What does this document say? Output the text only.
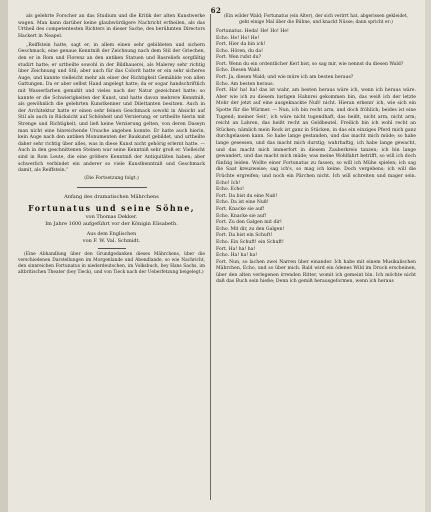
62

als gelehrte Forscher an das Studium und die Kritik der alten Kunstwerke wagen. Man kann darüber keine glaubwürdigere Nachricht ertheilen, als das Urtheil des competentesten Richters in dieser Sache, des berühmten Directors Hackert in Neapel.

„Reiffstein hatte, sagt er, in allem einen sehr gebildeten und sichern Geschmack, eine genaue Kenntniß der Zeichnung nach dem Stil der Griechen, den er in Rom und Florenz an den antiken Statuen und Basreliefs sorgfältig studirt hatte; er urtheilte sowohl in der Bildhauerei, als Malerey sehr richtig über Zeichnung und Stil; aber auch für das Colorit hatte er ein sehr sicheres Auge, und kannte vielleicht mehr als einer der Richtigkeit Gemählde von allen Gattungen. Da er aber selbst Hand angelegt hatte; da er sogar handschriftlich mit Wasserfarben gemahlt und vieles nach der Natur gezeichnet hatte: so kannte er die Schwierigkeiten der Kunst, und hatte davon mehrere Kenntniß, als gewöhnlich die gelehrten Kunstkenner und Dilettanten besitzen. Auch in der Architektur hatte er einen sehr feinen Geschmack sowohl in Absicht auf Stil als auch in Rücksicht auf Schönheit und Verzierung; er urtheilte hierin mit Strenge und Richtigkeit, und ließ keine Verzierung gelten, von deren Daseyn man nicht eine hinreichende Ursache angeben konnte. Er hatte auch hierin, kein Auge nach den antiken Monumenten der Baukunst gebildet, und urtheilte daher sehr richtig über alles, was in diese Kunst nicht gehörig erlernt hatte. — Auch in den geschnittenen Steinen war seine Kenntniß sehr groß er. Vielleicht sind in Rom Leute, die eine größere Kenntniß der Antiquitäten haben; aber schwerlich verbindet ein anderer so viele Kunstkenntniß und Geschmack damit, als Reiffstein.“

(Die Fortsetzung folgt.)

Anfang des dramatischen Mährchens

Fortunatus und seine Söhne,

von Thomas Dekker.

Im Jahre 1600 aufgeführt vor der Königin Elisabeth.

Aus dem Englischen

von F. W. Val. Schmidt.

(Eine Abhandlung über den Grundgedanken dieses Mährchens, über die verschiedenen Darstellungen im Morgenlande und Abendlande, so wie Nachricht, den sinnreichen Fortunatus in niederdeutschen, im Volksbuch, bey Hans Sachs, im altbritischen Theater (bey Tieck), und von Tieck nach der Ueberfetzung beigelegt.)

(Ein wilder Wald; Fortunatus (ein Alter), der sich verirrt hat, abgerissen gekleidet, geht einige Mal über die Bühne, und knackt Nüsse; dann spricht er:)

Fortunatus. Heda! He! Ho! He!

Echo. He! Ho! He!

Fort. Hier da bin ich!

Echo. Hören, du da!

Fort. Wen rufst du?

Fort. Wenn du ein ordentlicher Kerl bist, so sag mir, wie nennst du diesen Wald?

Echo. Diesen Wald.

Fort. Ja, diesen Wald; und wie müre ich am besten heraus?

Echo. Am besten heraus.

Fort. Ha! ha! ha! das ist wahr, am besten heraus wäre ich, wenn ich heraus wäre. Aber wie ich zu diesem lustigen Hahnrei gekommen bin, das weiß ich der letzte Mohr der jetzt auf eine ausgeknackte Nuß! nicht. Hieran erkenn' ich, wie sich ein Spotte für die Würmer. — Nun, ich bin recht arm, und doch fröhlich; beides ist eine Tugend; meiner Seit', ich wäre nicht tugendhaft, das heißt, nicht arm, nicht arm; reicht an Lahren, das heißt recht an Geldbeutel. Freilich bin ich wohl recht an Stücken; nämlich mein Rock ist ganz in Stücken, in das ein einziges Pferd mich ganz durchgelassen kann. So habe lange gestanden, und das macht mich müde; so habe lange gesessen, und das macht mich durstig; wahrhaftig, ich habe lange gewacht, und das macht mich immerfort in diesem Zauberkreis tanzen; ich bin lange gewandert, und das macht mich müde; was meine Wohlfahrt betrifft, so will ich doch fünfzig leiden. Wollte einer Fortunatus zu fassen, so will ich Mühe spielen; ich sag die Saat kreuzweise; sag ich's, so mag ich keine. Doch vergebens; ich will die Früchte ergreifen; und noch ein Pärchen nicht. Ich will schreiten und mager sein. Echo! Ich!

Echo. Echo!

Fort. Da bist du eine Nuß!

Echo. Da ist eine Nuß!

Fort. Knacke sie auf!

Echo. Knacke sie auf!

Fort. Zu den Galgen mit dir!

Echo. Mit dir, zu den Galgen!

Fort. Da bist ein Schuft!

Echo. Ein Schuft! ein Schuft!

Fort. Ha! ha! ha!

Echo. Ha! ha! ha!

Fort. Nun, so lachen zwei Narren über einander. Ich habe mit einem Musikalischen Mährchen, Echo, und so über mich. Bald wird ein ödenes Wild im Druck erscheinen, über den alten verlegenen irrenden Ritter, womit ich gemeint bin. Ich möchte nicht daß das Buch sein hieße; Denn ich gemiß herausgeformen, wenn ich heraus
